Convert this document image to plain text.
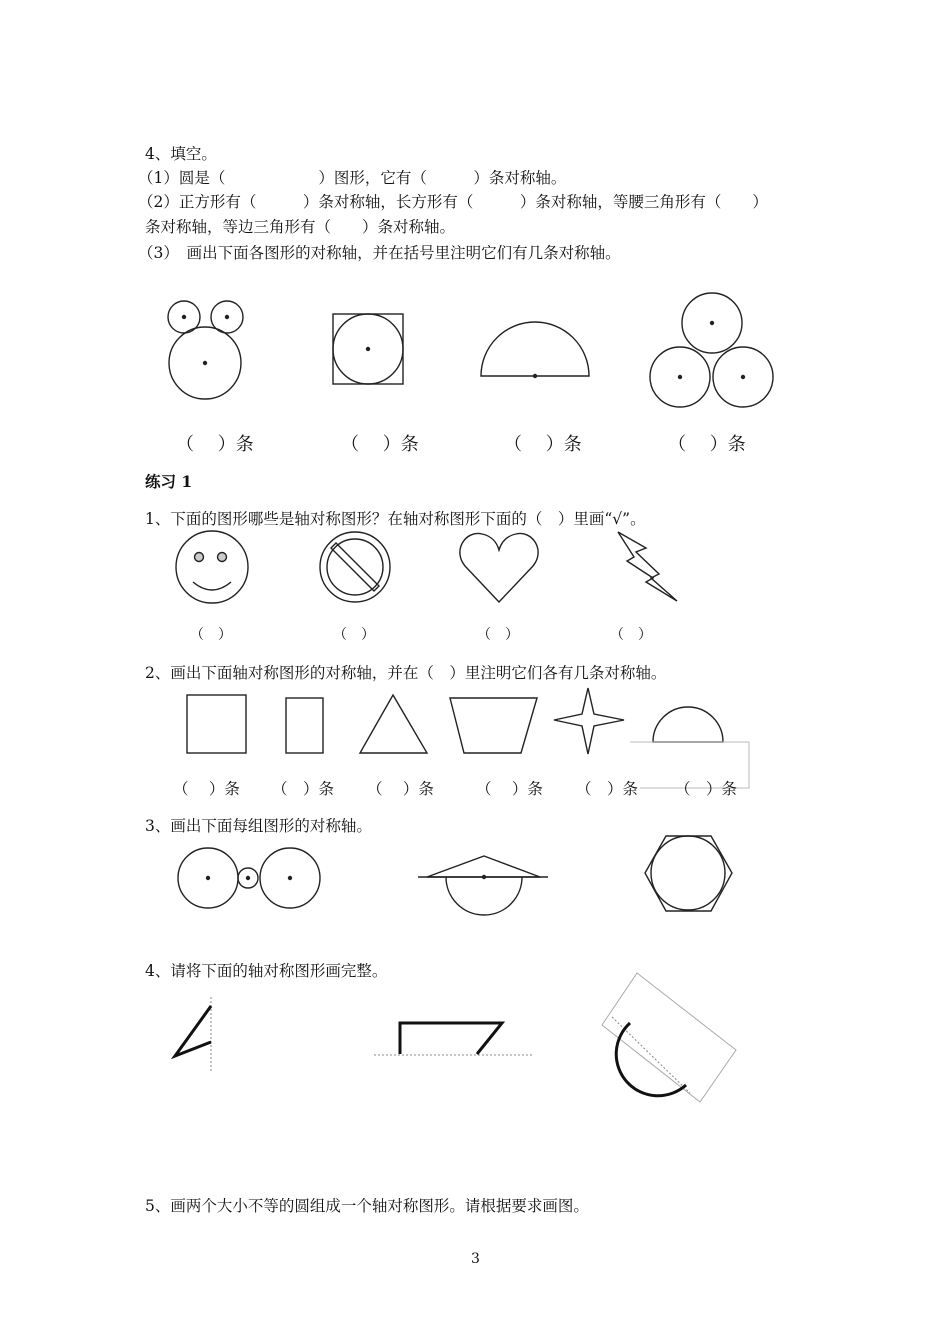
4、填空。
（1）圆是（　　　　　　）图形，它有（　　　）条对称轴。
（2）正方形有（　　　）条对称轴，长方形有（　　　）条对称轴，等腰三角形有（　　）
条对称轴，等边三角形有（　　）条对称轴。
（3）　画出下面各图形的对称轴，并在括号里注明它们有几条对称轴。
（　 ）条	（　 ）条	（　 ）条	（　 ）条
练习 1
1、下面的图形哪些是轴对称图形？在轴对称图形下面的（　）里画“√”。
（　）	（　）	（　）	（　）
2、画出下面轴对称图形的对称轴，并在（　）里注明它们各有几条对称轴。
（　 ）条 （　）条 （　 ）条	（　 ）条 （　）条 （　）条
3、画出下面每组图形的对称轴。
4、请将下面的轴对称图形画完整。
5、画两个大小不等的圆组成一个轴对称图形。请根据要求画图。
3
